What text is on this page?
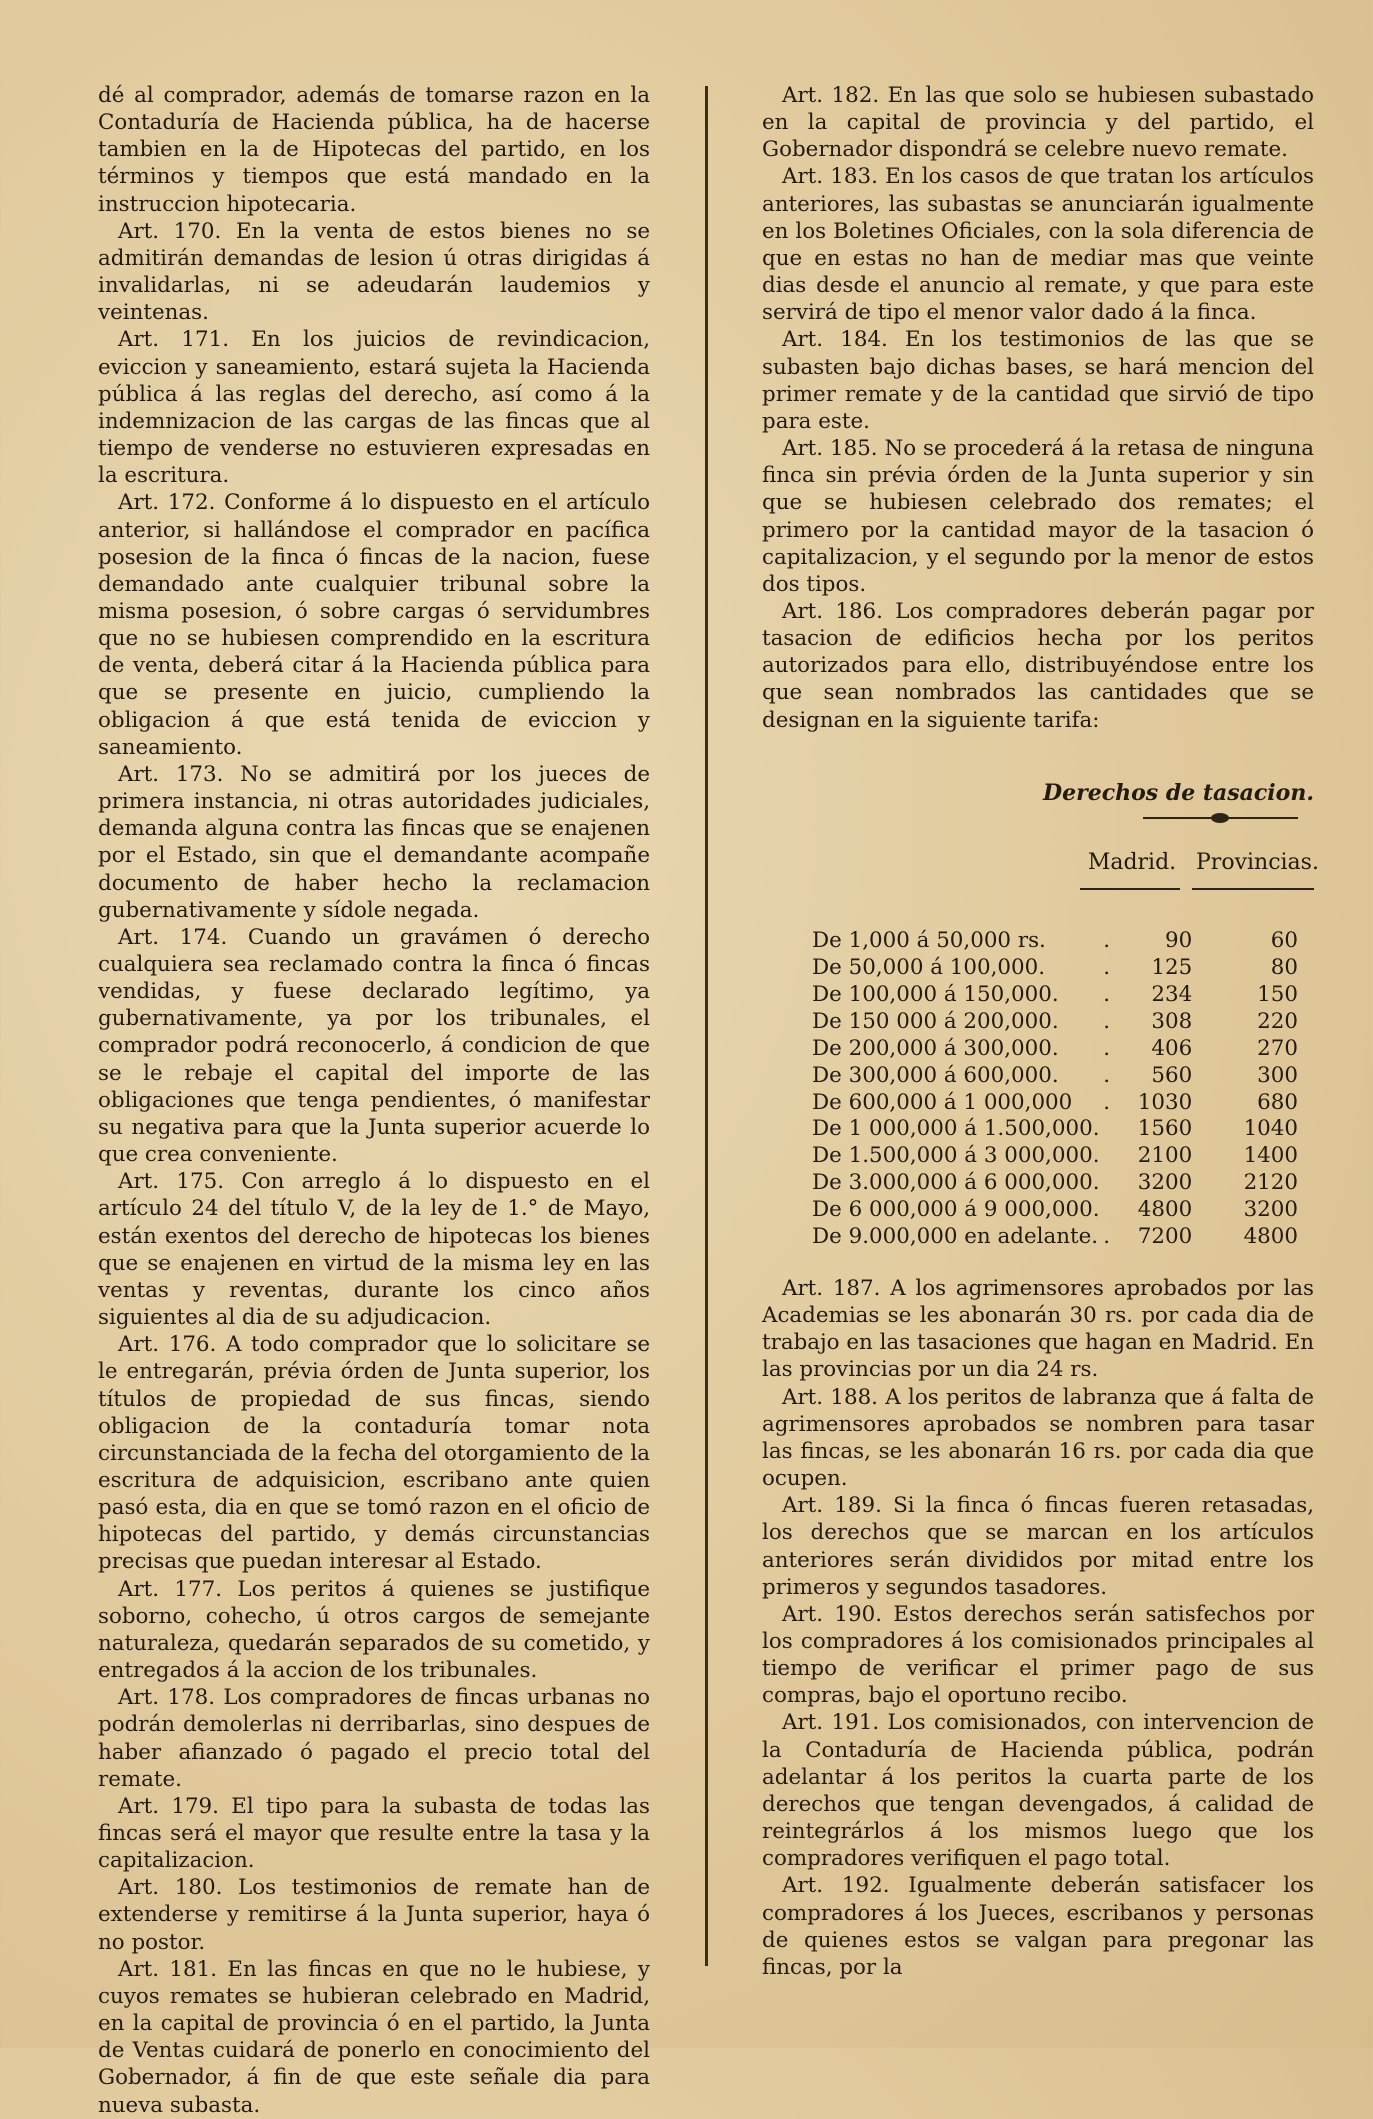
dé al comprador, además de tomarse razon en la Contaduría de Hacienda pública, ha de hacerse tambien en la de Hipotecas del partido, en los términos y tiempos que está mandado en la instruccion hipotecaria.

Art. 170. En la venta de estos bienes no se admitirán demandas de lesion ú otras dirigidas á invalidarlas, ni se adeudarán laudemios y veintenas.

Art. 171. En los juicios de revindicacion, eviccion y saneamiento, estará sujeta la Hacienda pública á las reglas del derecho, así como á la indemnizacion de las cargas de las fincas que al tiempo de venderse no estuvieren expresadas en la escritura.

Art. 172. Conforme á lo dispuesto en el artículo anterior, si hallándose el comprador en pacífica posesion de la finca ó fincas de la nacion, fuese demandado ante cualquier tribunal sobre la misma posesion, ó sobre cargas ó servidumbres que no se hubiesen comprendido en la escritura de venta, deberá citar á la Hacienda pública para que se presente en juicio, cumpliendo la obligacion á que está tenida de eviccion y saneamiento.

Art. 173. No se admitirá por los jueces de primera instancia, ni otras autoridades judiciales, demanda alguna contra las fincas que se enajenen por el Estado, sin que el demandante acompañe documento de haber hecho la reclamacion gubernativamente y sídole negada.

Art. 174. Cuando un gravámen ó derecho cualquiera sea reclamado contra la finca ó fincas vendidas, y fuese declarado legítimo, ya gubernativamente, ya por los tribunales, el comprador podrá reconocerlo, á condicion de que se le rebaje el capital del importe de las obligaciones que tenga pendientes, ó manifestar su negativa para que la Junta superior acuerde lo que crea conveniente.

Art. 175. Con arreglo á lo dispuesto en el artículo 24 del título V, de la ley de 1.° de Mayo, están exentos del derecho de hipotecas los bienes que se enajenen en virtud de la misma ley en las ventas y reventas, durante los cinco años siguientes al dia de su adjudicacion.

Art. 176. A todo comprador que lo solicitare se le entregarán, prévia órden de Junta superior, los títulos de propiedad de sus fincas, siendo obligacion de la contaduría tomar nota circunstanciada de la fecha del otorgamiento de la escritura de adquisicion, escribano ante quien pasó esta, dia en que se tomó razon en el oficio de hipotecas del partido, y demás circunstancias precisas que puedan interesar al Estado.

Art. 177. Los peritos á quienes se justifique soborno, cohecho, ú otros cargos de semejante naturaleza, quedarán separados de su cometido, y entregados á la accion de los tribunales.

Art. 178. Los compradores de fincas urbanas no podrán demolerlas ni derribarlas, sino despues de haber afianzado ó pagado el precio total del remate.

Art. 179. El tipo para la subasta de todas las fincas será el mayor que resulte entre la tasa y la capitalizacion.

Art. 180. Los testimonios de remate han de extenderse y remitirse á la Junta superior, haya ó no postor.

Art. 181. En las fincas en que no le hubiese, y cuyos remates se hubieran celebrado en Madrid, en la capital de provincia ó en el partido, la Junta de Ventas cuidará de ponerlo en conocimiento del Gobernador, á fin de que este señale dia para nueva subasta.

Art. 182. En las que solo se hubiesen subastado en la capital de provincia y del partido, el Gobernador dispondrá se celebre nuevo remate.

Art. 183. En los casos de que tratan los artículos anteriores, las subastas se anunciarán igualmente en los Boletines Oficiales, con la sola diferencia de que en estas no han de mediar mas que veinte dias desde el anuncio al remate, y que para este servirá de tipo el menor valor dado á la finca.

Art. 184. En los testimonios de las que se subasten bajo dichas bases, se hará mencion del primer remate y de la cantidad que sirvió de tipo para este.

Art. 185. No se procederá á la retasa de ninguna finca sin prévia órden de la Junta superior y sin que se hubiesen celebrado dos remates; el primero por la cantidad mayor de la tasacion ó capitalizacion, y el segundo por la menor de estos dos tipos.

Art. 186. Los compradores deberán pagar por tasacion de edificios hecha por los peritos autorizados para ello, distribuyéndose entre los que sean nombrados las cantidades que se designan en la siguiente tarifa:

Derechos de tasacion.
Madrid. Provincias.
De 1,000 á 50,000 rs.	.	90	60
De 50,000 á 100,000.	.	125	80
De 100,000 á 150,000.	.	234	150
De 150 000 á 200,000.	.	308	220
De 200,000 á 300,000.	.	406	270
De 300,000 á 600,000.	.	560	300
De 600,000 á 1 000,000	.	1030	680
De 1 000,000 á 1.500,000.		1560	1040
De 1.500,000 á 3 000,000.		2100	1400
De 3.000,000 á 6 000,000.		3200	2120
De 6 000,000 á 9 000,000.		4800	3200
De 9.000,000 en adelante.	.	7200	4800

Art. 187. A los agrimensores aprobados por las Academias se les abonarán 30 rs. por cada dia de trabajo en las tasaciones que hagan en Madrid. En las provincias por un dia 24 rs.

Art. 188. A los peritos de labranza que á falta de agrimensores aprobados se nombren para tasar las fincas, se les abonarán 16 rs. por cada dia que ocupen.

Art. 189. Si la finca ó fincas fueren retasadas, los derechos que se marcan en los artículos anteriores serán divididos por mitad entre los primeros y segundos tasadores.

Art. 190. Estos derechos serán satisfechos por los compradores á los comisionados principales al tiempo de verificar el primer pago de sus compras, bajo el oportuno recibo.

Art. 191. Los comisionados, con intervencion de la Contaduría de Hacienda pública, podrán adelantar á los peritos la cuarta parte de los derechos que tengan devengados, á calidad de reintegrárlos á los mismos luego que los compradores verifiquen el pago total.

Art. 192. Igualmente deberán satisfacer los compradores á los Jueces, escribanos y personas de quienes estos se valgan para pregonar las fincas, por la
